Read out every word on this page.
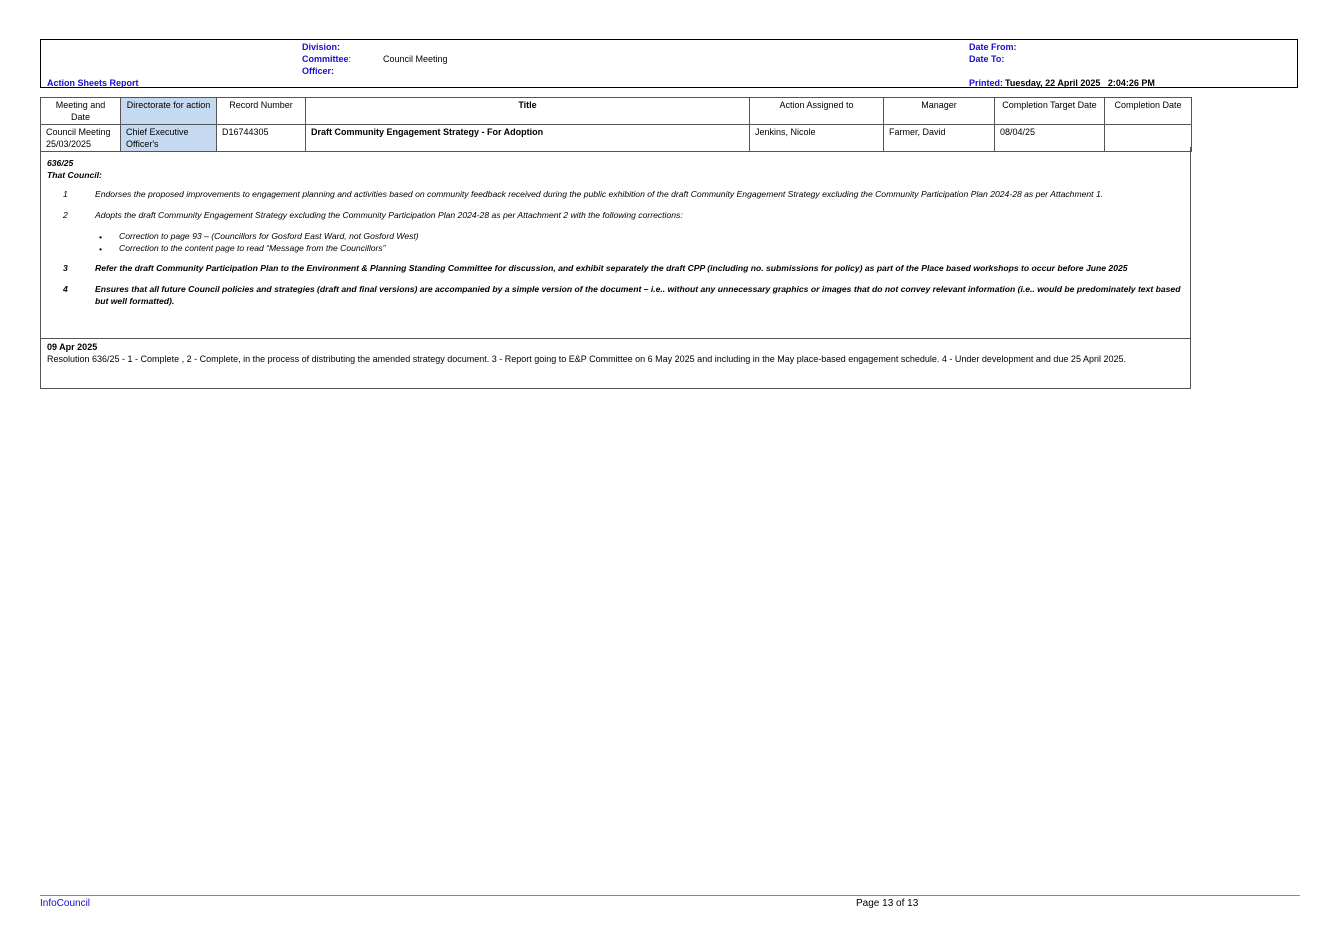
Division:
Committee:	Council Meeting
Officer:
Action Sheets Report
Date From:
Date To:
Printed: Tuesday, 22 April 2025   2:04:26 PM
Meeting and Date	Directorate for action	Record Number	Title	Action Assigned to	Manager	Completion Target Date	Completion Date

Council Meeting
25/03/2025	Chief Executive Officer's	D16744305	Draft Community Engagement Strategy - For Adoption	Jenkins, Nicole	Farmer, David	08/04/25	
636/25
That Council:
1	Endorses the proposed improvements to engagement planning and activities based on community feedback received during the public exhibition of the draft Community Engagement Strategy excluding the Community Participation Plan 2024-28 as per Attachment 1.
2	Adopts the draft Community Engagement Strategy excluding the Community Participation Plan 2024-28 as per Attachment 2 with the following corrections:
• Correction to page 93 – (Councillors for Gosford East Ward, not Gosford West)
• Correction to the content page to read “Message from the Councillors”
3	Refer the draft Community Participation Plan to the Environment & Planning Standing Committee for discussion, and exhibit separately the draft CPP (including no. submissions for policy) as part of the Place based workshops to occur before June 2025
4	Ensures that all future Council policies and strategies (draft and final versions) are accompanied by a simple version of the document – i.e.. without any unnecessary graphics or images that do not convey relevant information (i.e.. would be predominately text based but well formatted).
09 Apr 2025
Resolution 636/25 - 1 - Complete , 2 - Complete, in the process of distributing the amended strategy document. 3 - Report going to E&P Committee on 6 May 2025 and including in the May place-based engagement schedule. 4 - Under development and due 25 April 2025.
InfoCouncil	Page 13 of 13
